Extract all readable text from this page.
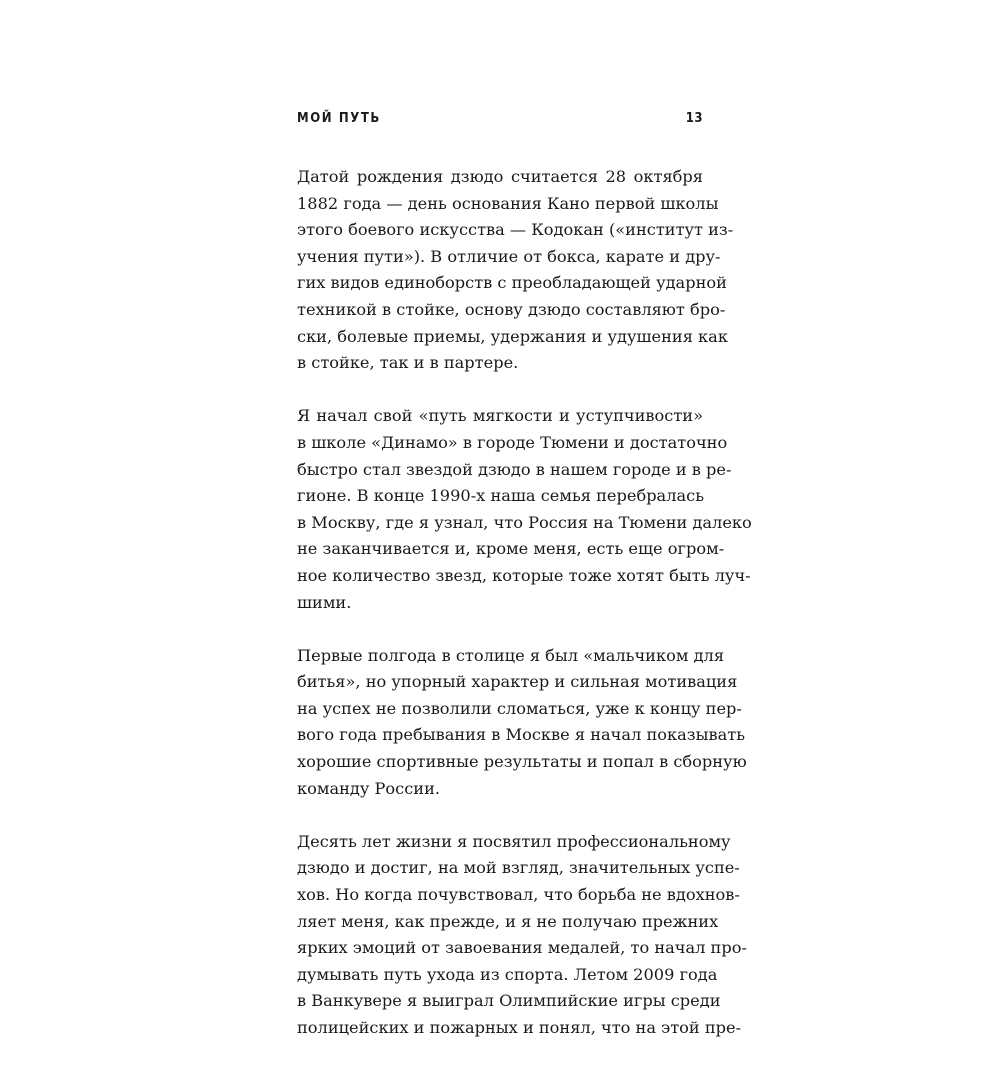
МОЙ ПУТЬ	13

Датой рождения дзюдо считается 28 октября
1882 года — день основания Кано первой школы
этого боевого искусства — Кодокан («институт из-
учения пути»). В отличие от бокса, карате и дру-
гих видов единоборств с преобладающей ударной
техникой в стойке, основу дзюдо составляют бро-
ски, болевые приемы, удержания и удушения как
в стойке, так и в партере.

Я начал свой «путь мягкости и уступчивости»
в школе «Динамо» в городе Тюмени и достаточно
быстро стал звездой дзюдо в нашем городе и в ре-
гионе. В конце 1990-х наша семья перебралась
в Москву, где я узнал, что Россия на Тюмени далеко
не заканчивается и, кроме меня, есть еще огром-
ное количество звезд, которые тоже хотят быть луч-
шими.

Первые полгода в столице я был «мальчиком для
битья», но упорный характер и сильная мотивация
на успех не позволили сломаться, уже к концу пер-
вого года пребывания в Москве я начал показывать
хорошие спортивные результаты и попал в сборную
команду России.

Десять лет жизни я посвятил профессиональному
дзюдо и достиг, на мой взгляд, значительных успе-
хов. Но когда почувствовал, что борьба не вдохнов-
ляет меня, как прежде, и я не получаю прежних
ярких эмоций от завоевания медалей, то начал про-
думывать путь ухода из спорта. Летом 2009 года
в Ванкувере я выиграл Олимпийские игры среди
полицейских и пожарных и понял, что на этой пре-
